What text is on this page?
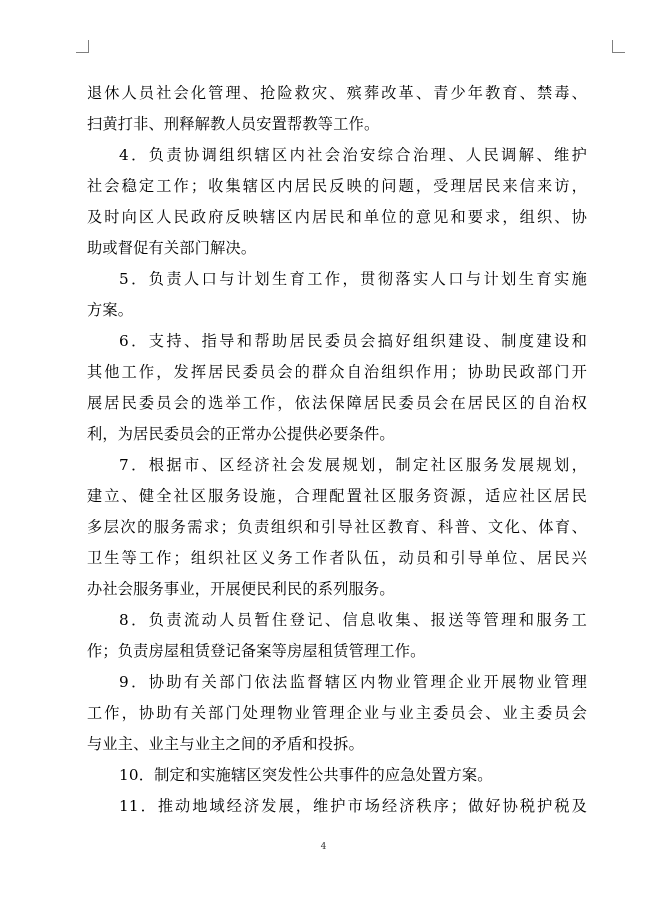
退休人员社会化管理、抢险救灾、殡葬改革、青少年教育、禁毒、
扫黄打非、刑释解教人员安置帮教等工作。
4．负责协调组织辖区内社会治安综合治理、人民调解、维护
社会稳定工作；收集辖区内居民反映的问题，受理居民来信来访，
及时向区人民政府反映辖区内居民和单位的意见和要求，组织、协
助或督促有关部门解决。
5．负责人口与计划生育工作，贯彻落实人口与计划生育实施
方案。
6．支持、指导和帮助居民委员会搞好组织建设、制度建设和
其他工作，发挥居民委员会的群众自治组织作用；协助民政部门开
展居民委员会的选举工作，依法保障居民委员会在居民区的自治权
利，为居民委员会的正常办公提供必要条件。
7．根据市、区经济社会发展规划，制定社区服务发展规划，
建立、健全社区服务设施，合理配置社区服务资源，适应社区居民
多层次的服务需求；负责组织和引导社区教育、科普、文化、体育、
卫生等工作；组织社区义务工作者队伍，动员和引导单位、居民兴
办社会服务事业，开展便民利民的系列服务。
8．负责流动人员暂住登记、信息收集、报送等管理和服务工
作；负责房屋租赁登记备案等房屋租赁管理工作。
9．协助有关部门依法监督辖区内物业管理企业开展物业管理
工作，协助有关部门处理物业管理企业与业主委员会、业主委员会
与业主、业主与业主之间的矛盾和投拆。
10．制定和实施辖区突发性公共事件的应急处置方案。
11．推动地域经济发展，维护市场经济秩序；做好协税护税及
4
